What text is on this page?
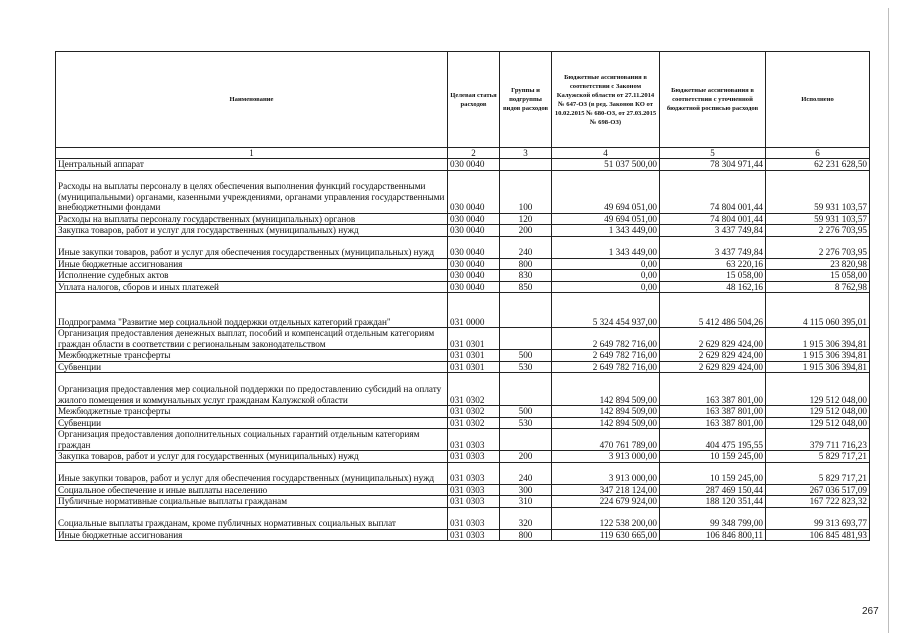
Наименование	Целевая статья расходов	Группы и подгруппы видов расходов	Бюджетные ассигнования в соответствии с Законом Калужской области от 27.11.2014 № 647-ОЗ (в ред. Законов КО от 10.02.2015 № 680-ОЗ, от 27.03.2015 № 698-ОЗ)	Бюджетные ассигнования в соответствии с уточненной бюджетной росписью расходов	Исполнено
1	2	3	4	5	6
Центральный аппарат	030 0040		51 037 500,00	78 304 971,44	62 231 628,50
Расходы на выплаты персоналу в целях обеспечения выполнения функций государственными (муниципальными) органами, казенными учреждениями, органами управления государственными внебюджетными фондами	030 0040	100	49 694 051,00	74 804 001,44	59 931 103,57
Расходы на выплаты персоналу государственных (муниципальных) органов	030 0040	120	49 694 051,00	74 804 001,44	59 931 103,57
Закупка товаров, работ и услуг для государственных (муниципальных) нужд	030 0040	200	1 343 449,00	3 437 749,84	2 276 703,95
Иные закупки товаров, работ и услуг для обеспечения государственных (муниципальных) нужд	030 0040	240	1 343 449,00	3 437 749,84	2 276 703,95
Иные бюджетные ассигнования	030 0040	800	0,00	63 220,16	23 820,98
Исполнение судебных актов	030 0040	830	0,00	15 058,00	15 058,00
Уплата налогов, сборов и иных платежей	030 0040	850	0,00	48 162,16	8 762,98
Подпрограмма "Развитие мер социальной поддержки отдельных категорий граждан"	031 0000		5 324 454 937,00	5 412 486 504,26	4 115 060 395,01
Организация предоставления денежных выплат, пособий и компенсаций отдельным категориям граждан области в соответствии с региональным законодательством	031 0301		2 649 782 716,00	2 629 829 424,00	1 915 306 394,81
Межбюджетные трансферты	031 0301	500	2 649 782 716,00	2 629 829 424,00	1 915 306 394,81
Субвенции	031 0301	530	2 649 782 716,00	2 629 829 424,00	1 915 306 394,81
Организация предоставления мер социальной поддержки по предоставлению субсидий на оплату жилого помещения и коммунальных услуг гражданам Калужской области	031 0302		142 894 509,00	163 387 801,00	129 512 048,00
Межбюджетные трансферты	031 0302	500	142 894 509,00	163 387 801,00	129 512 048,00
Субвенции	031 0302	530	142 894 509,00	163 387 801,00	129 512 048,00
Организация предоставления дополнительных социальных гарантий отдельным категориям граждан	031 0303		470 761 789,00	404 475 195,55	379 711 716,23
Закупка товаров, работ и услуг для государственных (муниципальных) нужд	031 0303	200	3 913 000,00	10 159 245,00	5 829 717,21
Иные закупки товаров, работ и услуг для обеспечения государственных (муниципальных) нужд	031 0303	240	3 913 000,00	10 159 245,00	5 829 717,21
Социальное обеспечение и иные выплаты населению	031 0303	300	347 218 124,00	287 469 150,44	267 036 517,09
Публичные нормативные социальные выплаты гражданам	031 0303	310	224 679 924,00	188 120 351,44	167 722 823,32
Социальные выплаты гражданам, кроме публичных нормативных социальных выплат	031 0303	320	122 538 200,00	99 348 799,00	99 313 693,77
Иные бюджетные ассигнования	031 0303	800	119 630 665,00	106 846 800,11	106 845 481,93
267
